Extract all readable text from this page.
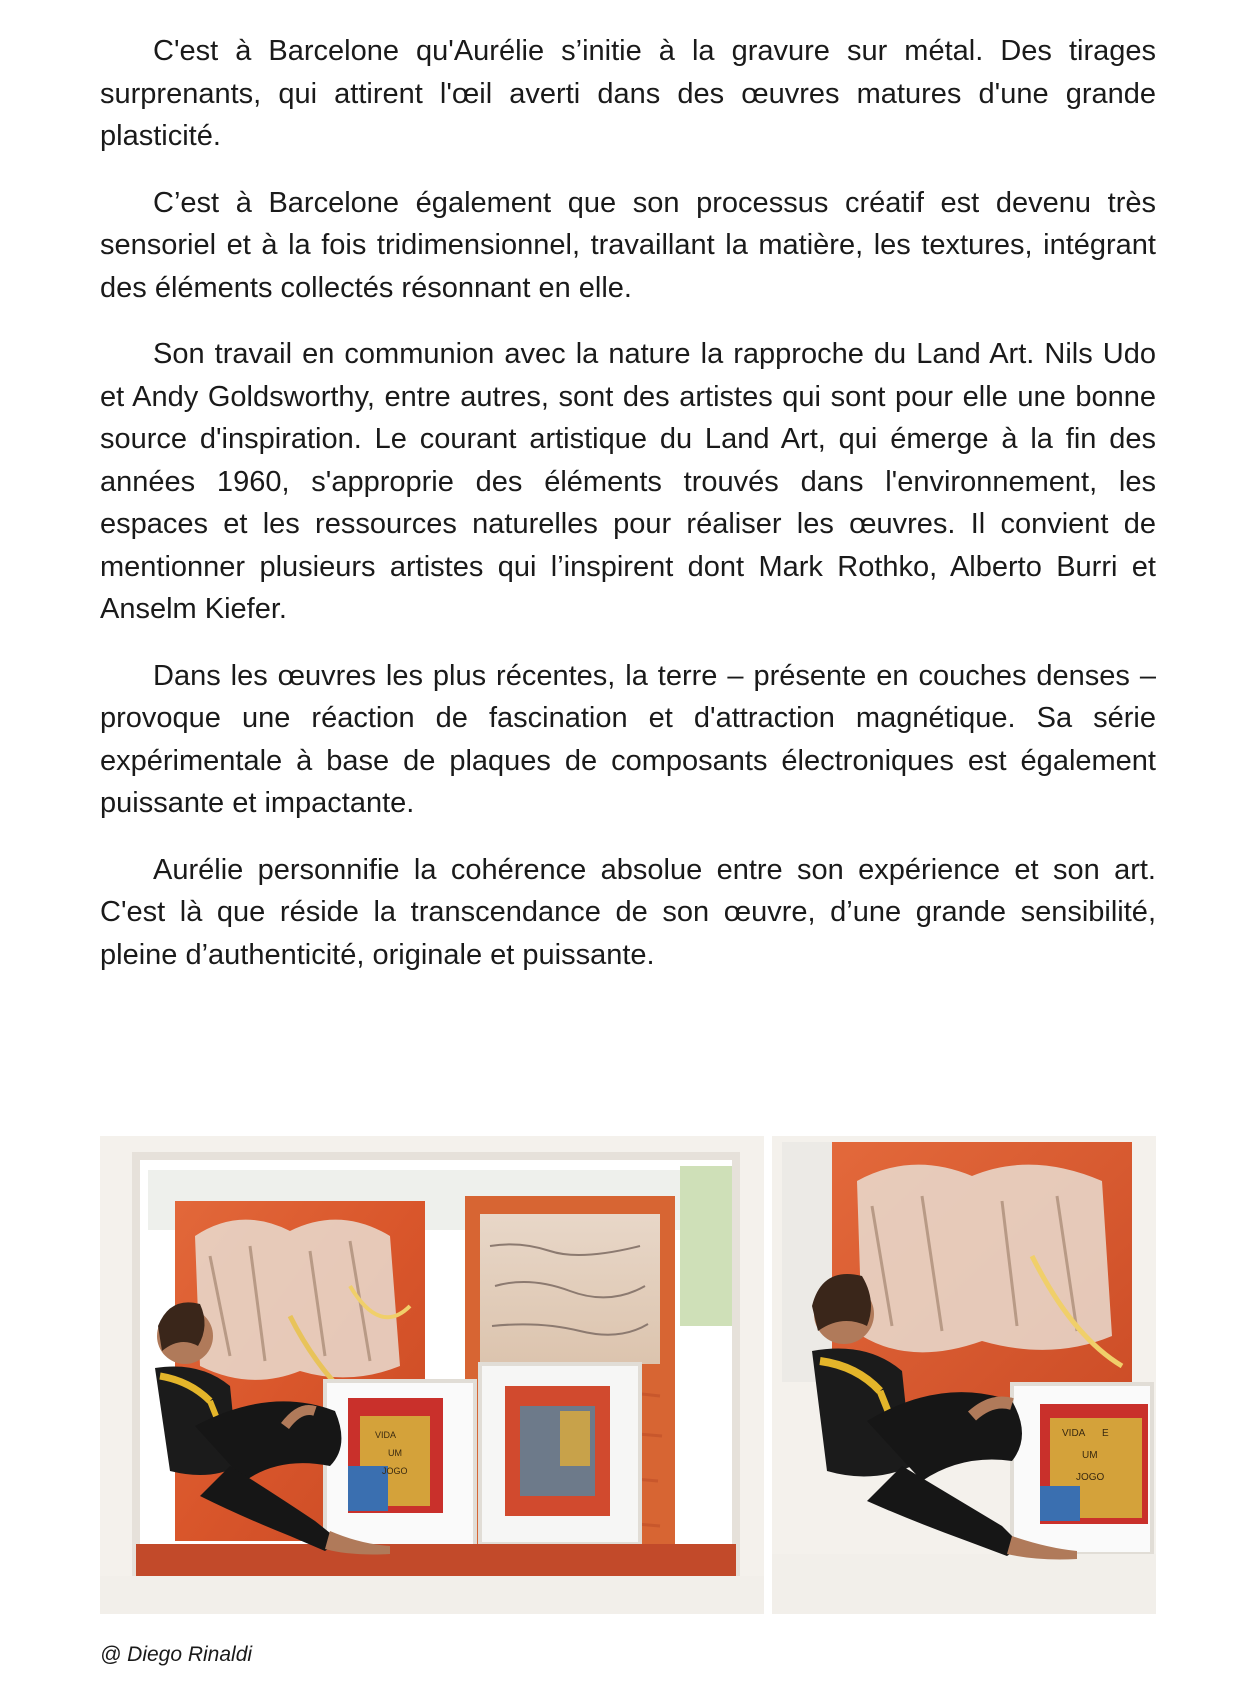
C'est à Barcelone qu'Aurélie s’initie à la gravure sur métal. Des tirages surprenants, qui attirent l'œil averti dans des œuvres matures d'une grande plasticité.

C’est à Barcelone également que son processus créatif est devenu très sensoriel et à la fois tridimensionnel, travaillant la matière, les textures, intégrant des éléments collectés résonnant en elle.

Son travail en communion avec la nature la rapproche du Land Art. Nils Udo et Andy Goldsworthy, entre autres, sont des artistes qui sont pour elle une bonne source d'inspiration. Le courant artistique du Land Art, qui émerge à la fin des années 1960, s'approprie des éléments trouvés dans l'environnement, les espaces et les ressources naturelles pour réaliser les œuvres. Il convient de mentionner plusieurs artistes qui l’inspirent dont Mark Rothko, Alberto Burri et Anselm Kiefer.

Dans les œuvres les plus récentes, la terre – présente en couches denses – provoque une réaction de fascination et d'attraction magnétique. Sa série expérimentale à base de plaques de composants électroniques est également puissante et impactante.

Aurélie personnifie la cohérence absolue entre son expérience et son art. C'est là que réside la transcendance de son œuvre, d’une grande sensibilité, pleine d’authenticité, originale et puissante.

VIDA
UM
JOGO
VIDA E
UM
JOGO
@ Diego Rinaldi
